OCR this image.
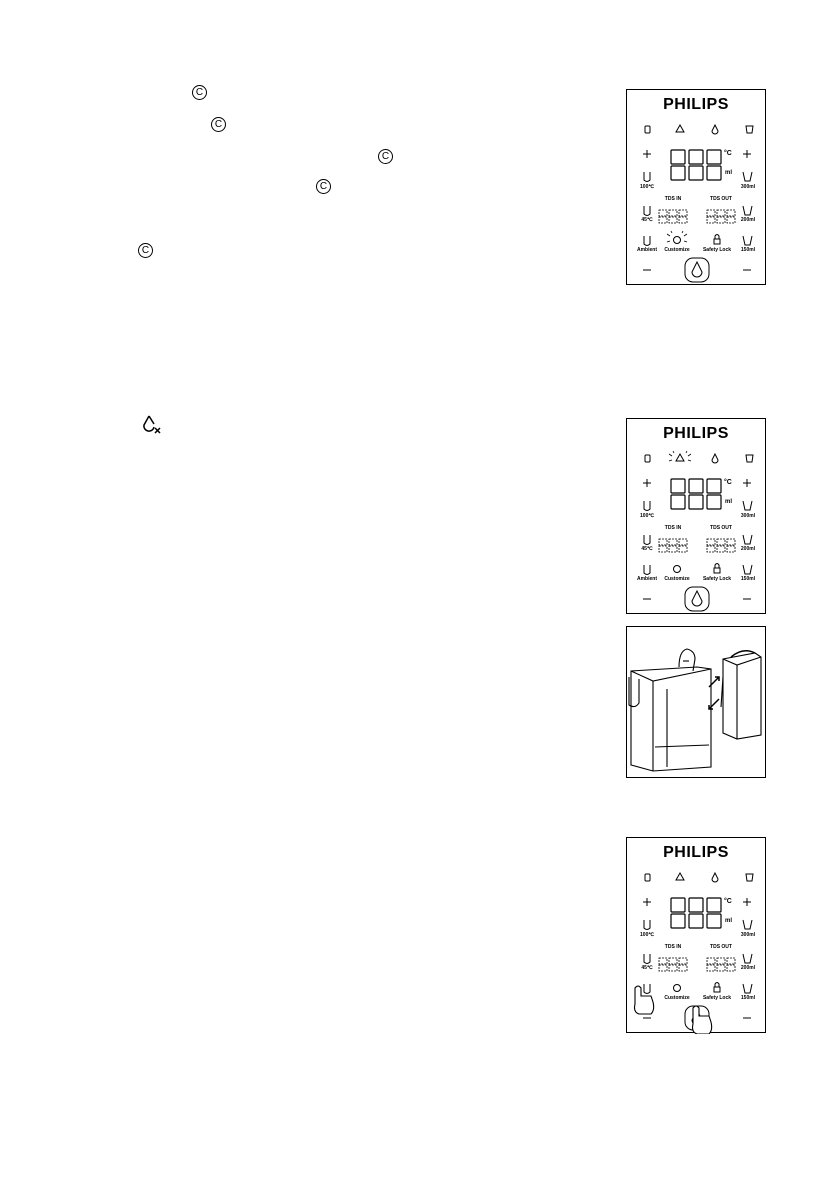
C
C
C
C
C
PHILIPS
°C
ml
100℃
45℃
Ambient
TDS IN	TDS OUT
Customize	Safety Lock
300ml
200ml
150ml
PHILIPS
°C
ml
100℃
45℃
Ambient
TDS IN	TDS OUT
Customize	Safety Lock
300ml
200ml
150ml
PHILIPS
°C
ml
100℃
45℃
TDS IN	TDS OUT
Customize	Safety Lock
300ml
200ml
150ml
